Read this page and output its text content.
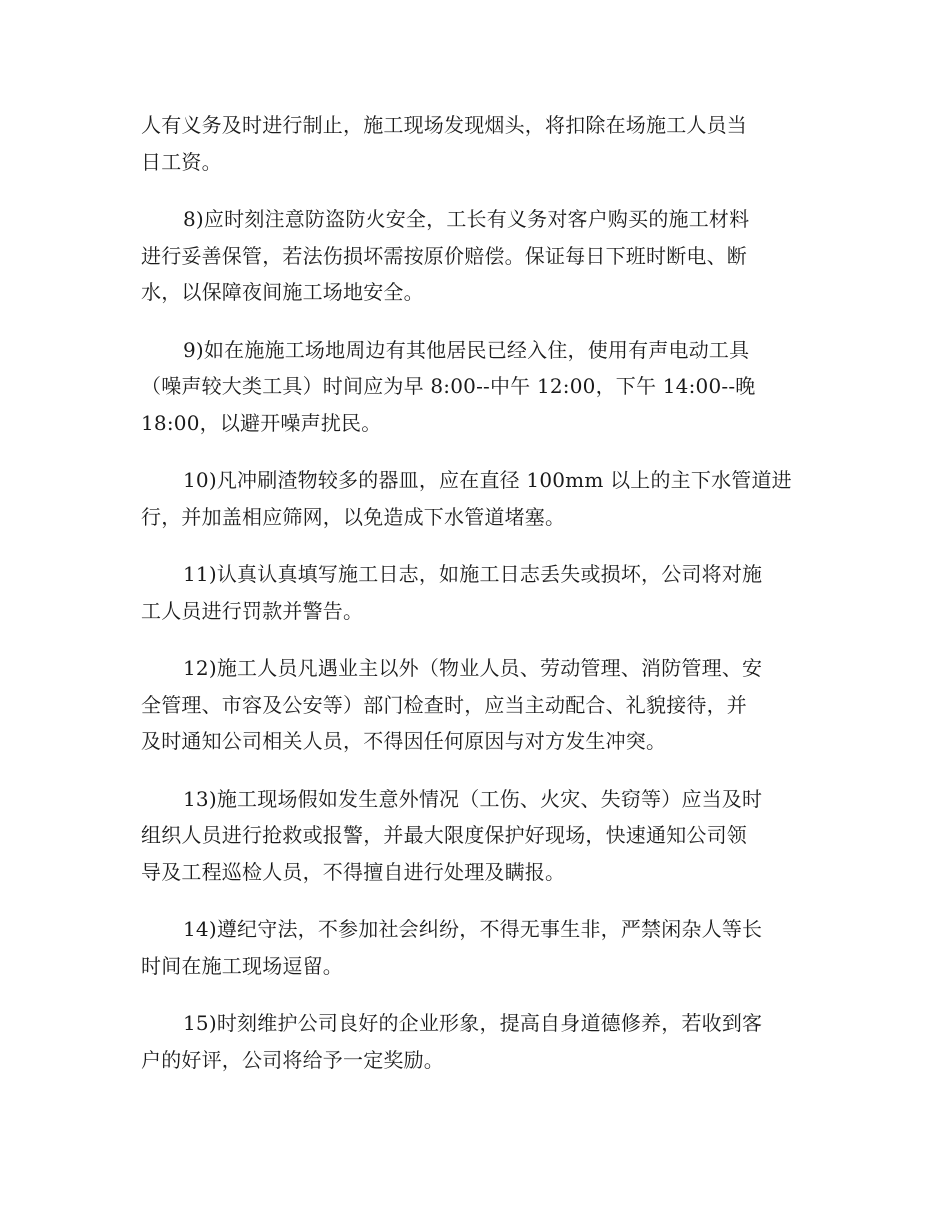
人有义务及时进行制止，施工现场发现烟头，将扣除在场施工人员当
日工资。

8)应时刻注意防盗防火安全，工长有义务对客户购买的施工材料
进行妥善保管，若法伤损坏需按原价赔偿。保证每日下班时断电、断
水，以保障夜间施工场地安全。

9)如在施施工场地周边有其他居民已经入住，使用有声电动工具
（噪声较大类工具）时间应为早 8:00--中午 12:00，下午 14:00--晚
18:00，以避开噪声扰民。

10)凡冲刷渣物较多的器皿，应在直径 100mm 以上的主下水管道进
行，并加盖相应筛网，以免造成下水管道堵塞。

11)认真认真填写施工日志，如施工日志丢失或损坏，公司将对施
工人员进行罚款并警告。

12)施工人员凡遇业主以外（物业人员、劳动管理、消防管理、安
全管理、市容及公安等）部门检查时，应当主动配合、礼貌接待，并
及时通知公司相关人员，不得因任何原因与对方发生冲突。

13)施工现场假如发生意外情况（工伤、火灾、失窃等）应当及时
组织人员进行抢救或报警，并最大限度保护好现场，快速通知公司领
导及工程巡检人员，不得擅自进行处理及瞒报。

14)遵纪守法，不参加社会纠纷，不得无事生非，严禁闲杂人等长
时间在施工现场逗留。

15)时刻维护公司良好的企业形象，提高自身道德修养，若收到客
户的好评，公司将给予一定奖励。
